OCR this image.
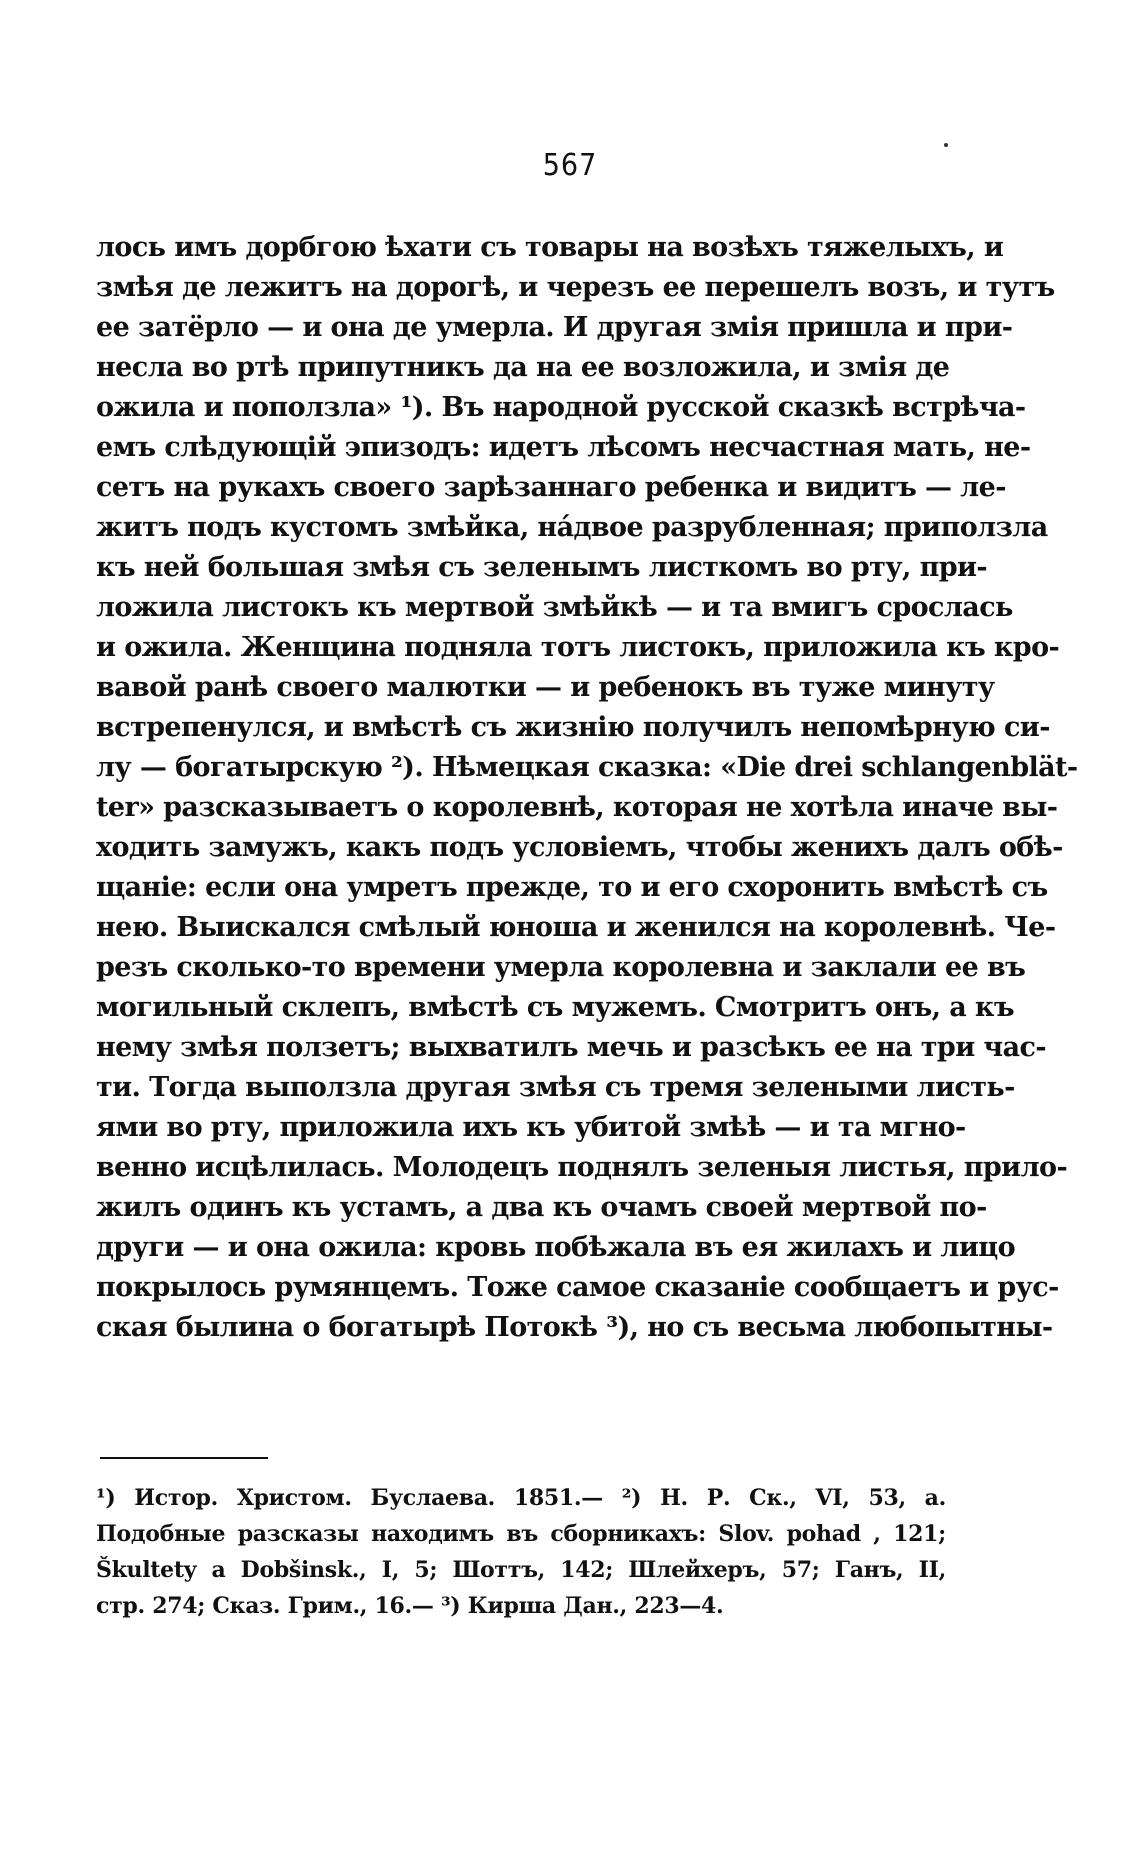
567
лось имъ дорбгою ѣхати съ товары на возѣхъ тяжелыхъ, и
змѣя де лежитъ на дорогѣ, и черезъ ее перешелъ возъ, и тутъ
ее затёрло — и она де умерла. И другая змія пришла и при-
несла во ртѣ припутникъ да на ее возложила, и змія де
ожила и поползла» ¹). Въ народной русской сказкѣ встрѣча-
емъ слѣдующій эпизодъ: идетъ лѣсомъ несчастная мать, не-
сетъ на рукахъ своего зарѣзаннаго ребенка и видитъ — ле-
житъ подъ кустомъ змѣйка, нáдвое разрубленная; приползла
къ ней большая змѣя съ зеленымъ листкомъ во рту, при-
ложила листокъ къ мертвой змѣйкѣ — и та вмигъ срослась
и ожила. Женщина подняла тотъ листокъ, приложила къ кро-
вавой ранѣ своего малютки — и ребенокъ въ туже минуту
встрепенулся, и вмѣстѣ съ жизнію получилъ непомѣрную си-
лу — богатырскую ²). Нѣмецкая сказка: «Die drei schlangenblät-
ter» разсказываетъ о королевнѣ, которая не хотѣла иначе вы-
ходить замужъ, какъ подъ условіемъ, чтобы женихъ далъ обѣ-
щаніе: если она умретъ прежде, то и его схоронить вмѣстѣ съ
нею. Выискался смѣлый юноша и женился на королевнѣ. Че-
резъ сколько-то времени умерла королевна и заклали ее въ
могильный склепъ, вмѣстѣ съ мужемъ. Смотритъ онъ, а къ
нему змѣя ползетъ; выхватилъ мечь и разсѣкъ ее на три час-
ти. Тогда выползла другая змѣя съ тремя зелеными листь-
ями во рту, приложила ихъ къ убитой змѣѣ — и та мгно-
венно исцѣлилась. Молодецъ поднялъ зеленыя листья, прило-
жилъ одинъ къ устамъ, а два къ очамъ своей мертвой по-
други — и она ожила: кровь побѣжала въ ея жилахъ и лицо
покрылось румянцемъ. Тоже самое сказаніе сообщаетъ и рус-
ская былина о богатырѣ Потокѣ ³), но съ весьма любопытны-
¹) Истор. Христом. Буслаева. 1851.— ²) Н. Р. Ск., VI, 53, а.
Подобные разсказы находимъ въ сборникахъ: Slov. pohad , 121;
Škultety a Dobšinsk., I, 5; Шоттъ, 142; Шлейхеръ, 57; Ганъ, II,
стр. 274; Сказ. Грим., 16.— ³) Кирша Дан., 223—4.
